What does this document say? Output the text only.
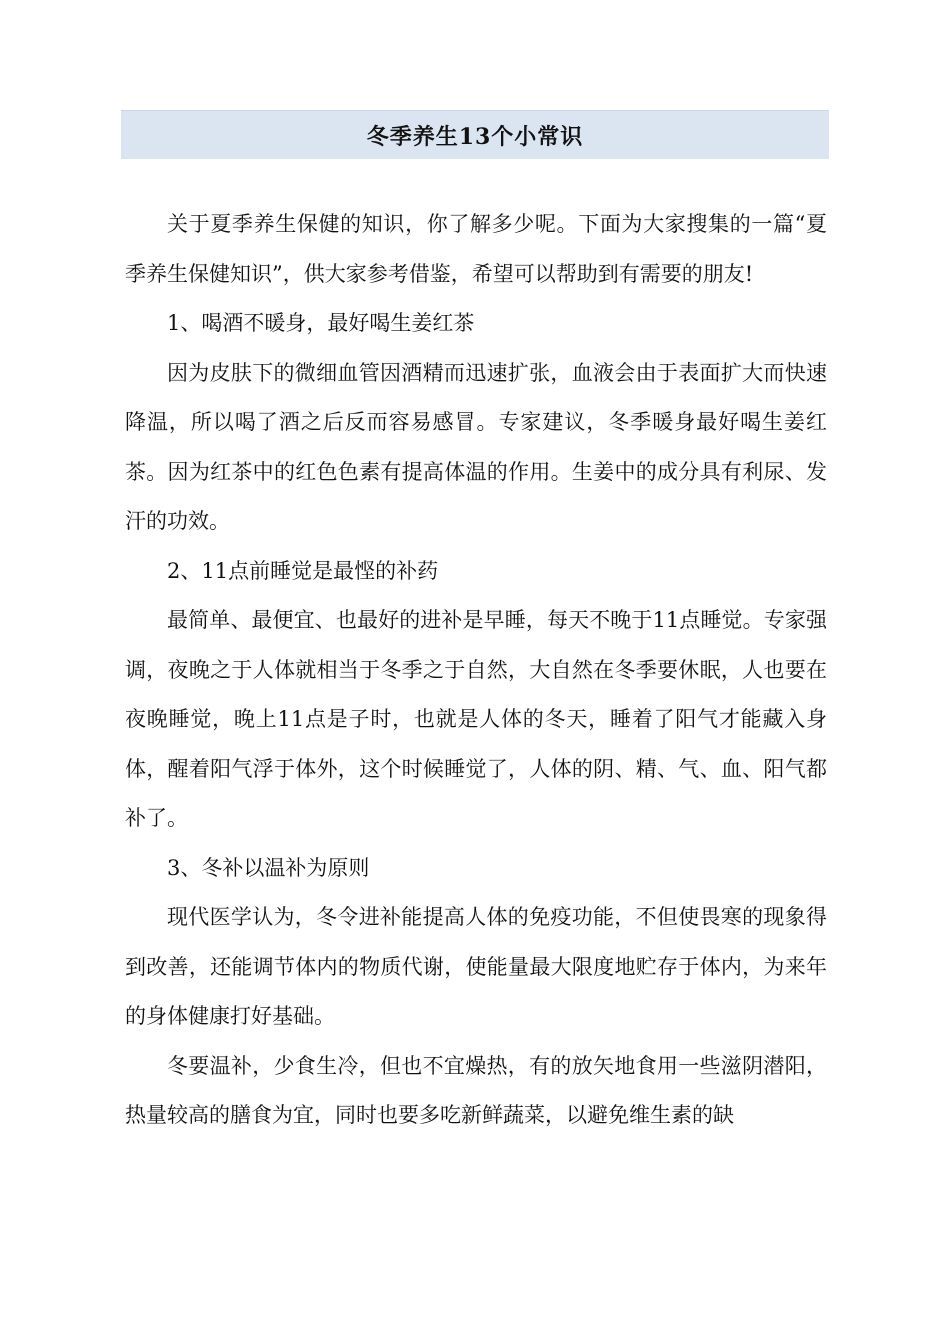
冬季养生13个小常识

关于夏季养生保健的知识，你了解多少呢。下面为大家搜集的一篇“夏季养生保健知识”，供大家参考借鉴，希望可以帮助到有需要的朋友!

1、喝酒不暖身，最好喝生姜红茶

因为皮肤下的微细血管因酒精而迅速扩张，血液会由于表面扩大而快速降温，所以喝了酒之后反而容易感冒。专家建议，冬季暖身最好喝生姜红茶。因为红茶中的红色色素有提高体温的作用。生姜中的成分具有利尿、发汗的功效。

2、11点前睡觉是最悭的补药

最简单、最便宜、也最好的进补是早睡，每天不晚于11点睡觉。专家强调，夜晚之于人体就相当于冬季之于自然，大自然在冬季要休眠，人也要在夜晚睡觉，晚上11点是子时，也就是人体的冬天，睡着了阳气才能藏入身体，醒着阳气浮于体外，这个时候睡觉了，人体的阴、精、气、血、阳气都补了。

3、冬补以温补为原则

现代医学认为，冬令进补能提高人体的免疫功能，不但使畏寒的现象得到改善，还能调节体内的物质代谢，使能量最大限度地贮存于体内，为来年的身体健康打好基础。

冬要温补，少食生冷，但也不宜燥热，有的放矢地食用一些滋阴潜阳，热量较高的膳食为宜，同时也要多吃新鲜蔬菜，以避免维生素的缺
